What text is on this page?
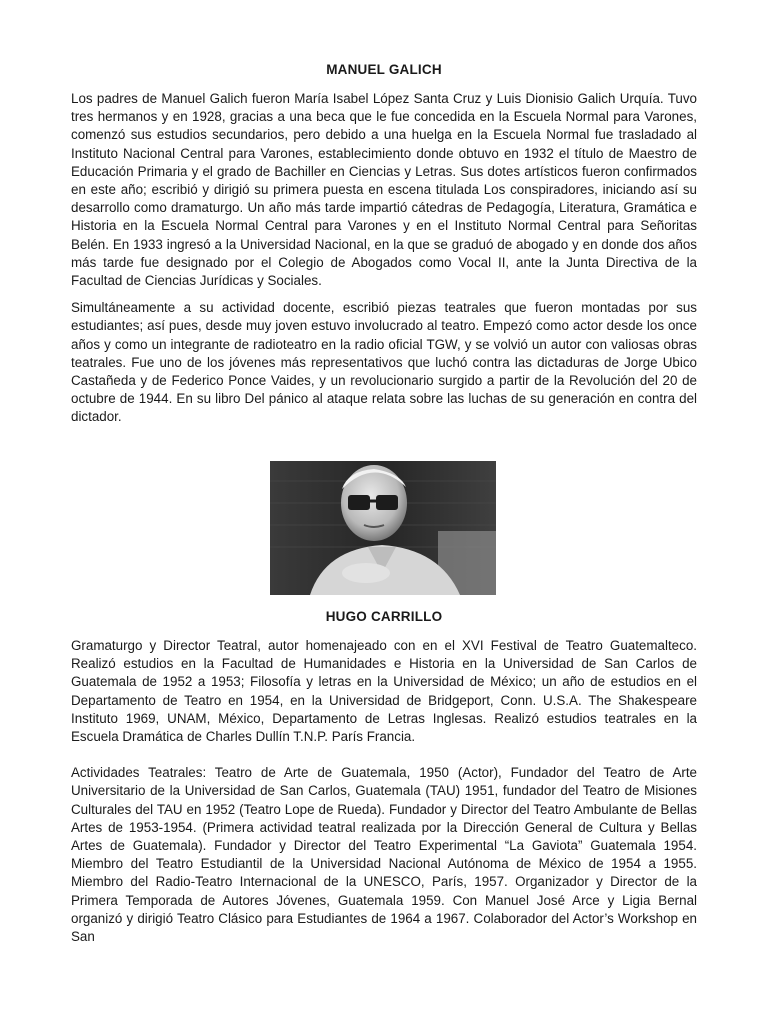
MANUEL GALICH

Los padres de Manuel Galich fueron María Isabel López Santa Cruz y Luis Dionisio Galich Urquía. Tuvo tres hermanos y en 1928, gracias a una beca que le fue concedida en la Escuela Normal para Varones, comenzó sus estudios secundarios, pero debido a una huelga en la Escuela Normal fue trasladado al Instituto Nacional Central para Varones, establecimiento donde obtuvo en 1932 el título de Maestro de Educación Primaria y el grado de Bachiller en Ciencias y Letras. Sus dotes artísticos fueron confirmados en este año; escribió y dirigió su primera puesta en escena titulada Los conspiradores, iniciando así su desarrollo como dramaturgo. Un año más tarde impartió cátedras de Pedagogía, Literatura, Gramática e Historia en la Escuela Normal Central para Varones y en el Instituto Normal Central para Señoritas Belén. En 1933 ingresó a la Universidad Nacional, en la que se graduó de abogado y en donde dos años más tarde fue designado por el Colegio de Abogados como Vocal II, ante la Junta Directiva de la Facultad de Ciencias Jurídicas y Sociales.

Simultáneamente a su actividad docente, escribió piezas teatrales que fueron montadas por sus estudiantes; así pues, desde muy joven estuvo involucrado al teatro. Empezó como actor desde los once años y como un integrante de radioteatro en la radio oficial TGW, y se volvió un autor con valiosas obras teatrales. Fue uno de los jóvenes más representativos que luchó contra las dictaduras de Jorge Ubico Castañeda y de Federico Ponce Vaides, y un revolucionario surgido a partir de la Revolución del 20 de octubre de 1944. En su libro Del pánico al ataque relata sobre las luchas de su generación en contra del dictador.

HUGO CARRILLO

Gramaturgo y Director Teatral, autor homenajeado con en el XVI Festival de Teatro Guatemalteco. Realizó estudios en la Facultad de Humanidades e Historia en la Universidad de San Carlos de Guatemala de 1952 a 1953; Filosofía y letras en la Universidad de México; un año de estudios en el Departamento de Teatro en 1954, en la Universidad de Bridgeport, Conn. U.S.A. The Shakespeare Instituto 1969, UNAM, México, Departamento de Letras Inglesas. Realizó estudios teatrales en la Escuela Dramática de Charles Dullín T.N.P. París Francia.

Actividades Teatrales: Teatro de Arte de Guatemala, 1950 (Actor), Fundador del Teatro de Arte Universitario de la Universidad de San Carlos, Guatemala (TAU) 1951, fundador del Teatro de Misiones Culturales del TAU en 1952 (Teatro Lope de Rueda). Fundador y Director del Teatro Ambulante de Bellas Artes de 1953-1954. (Primera actividad teatral realizada por la Dirección General de Cultura y Bellas Artes de Guatemala). Fundador y Director del Teatro Experimental “La Gaviota” Guatemala 1954. Miembro del Teatro Estudiantil de la Universidad Nacional Autónoma de México de 1954 a 1955. Miembro del Radio-Teatro Internacional de la UNESCO, París, 1957. Organizador y Director de la Primera Temporada de Autores Jóvenes, Guatemala 1959. Con Manuel José Arce y Ligia Bernal organizó y dirigió Teatro Clásico para Estudiantes de 1964 a 1967. Colaborador del Actor’s Workshop en San
